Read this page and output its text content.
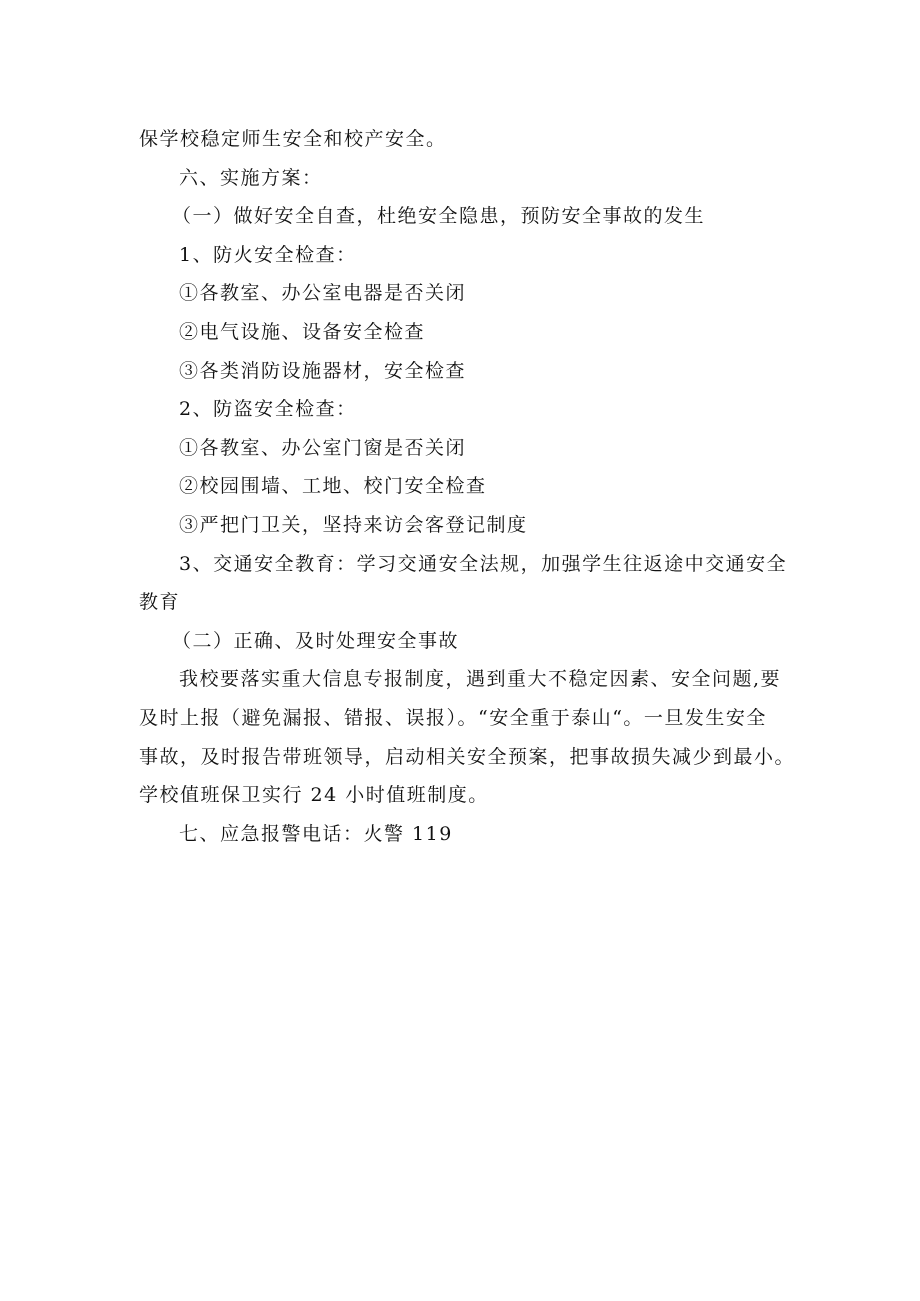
保学校稳定师生安全和校产安全。

六、实施方案：

（一）做好安全自查，杜绝安全隐患，预防安全事故的发生

1、防火安全检查：

①各教室、办公室电器是否关闭

②电气设施、设备安全检查

③各类消防设施器材，安全检查

2、防盗安全检查：

①各教室、办公室门窗是否关闭

②校园围墙、工地、校门安全检查

③严把门卫关，坚持来访会客登记制度

3、交通安全教育：学习交通安全法规，加强学生往返途中交通安全

教育

（二）正确、及时处理安全事故

我校要落实重大信息专报制度，遇到重大不稳定因素、安全问题,要

及时上报（避免漏报、错报、误报）。“安全重于泰山“。一旦发生安全

事故，及时报告带班领导，启动相关安全预案，把事故损失减少到最小。

学校值班保卫实行 24 小时值班制度。

七、应急报警电话：火警 119
